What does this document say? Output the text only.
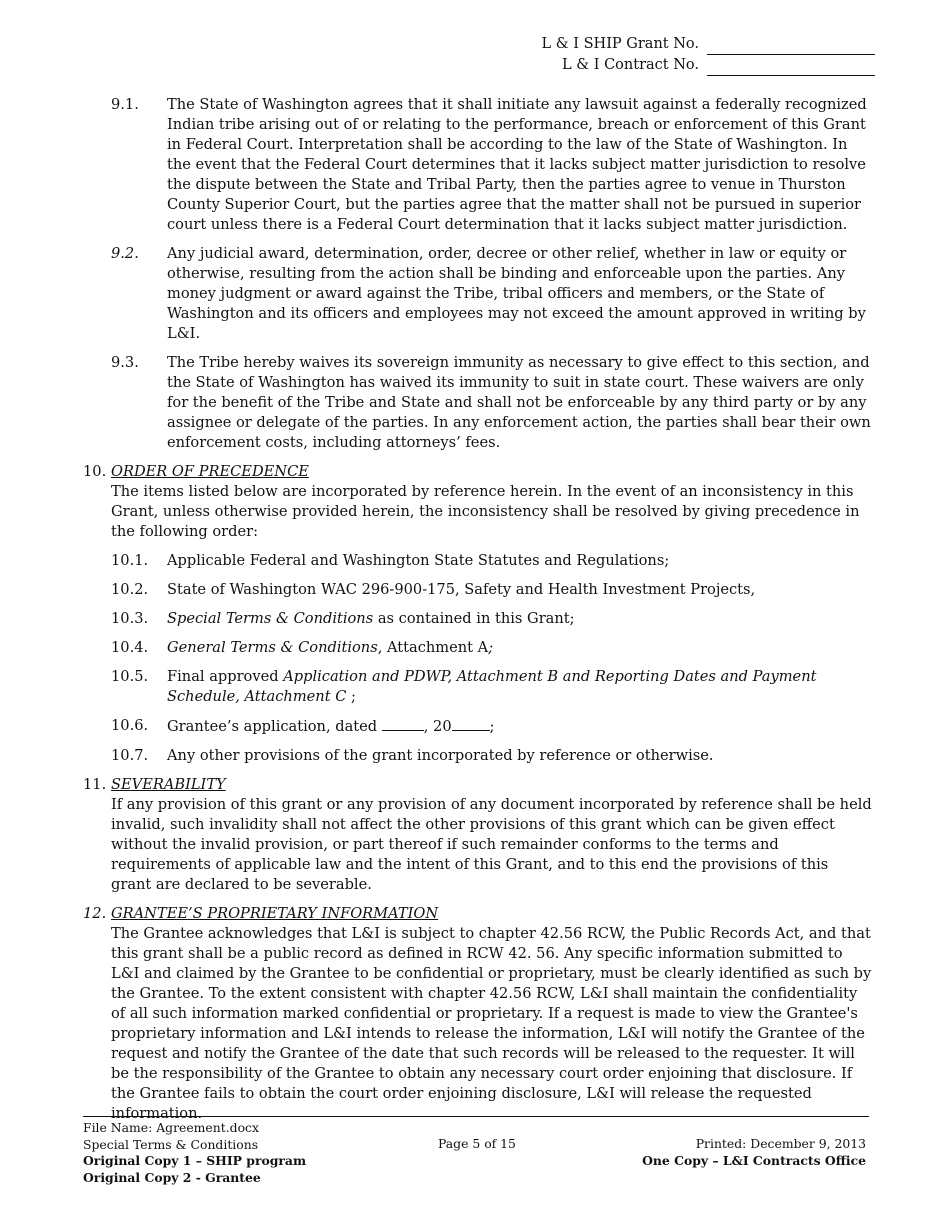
L & I SHIP Grant No.
L & I Contract No.
9.1. The State of Washington agrees that it shall initiate any lawsuit against a federally recognized Indian tribe arising out of or relating to the performance, breach or enforcement of this Grant in Federal Court. Interpretation shall be according to the law of the State of Washington. In the event that the Federal Court determines that it lacks subject matter jurisdiction to resolve the dispute between the State and Tribal Party, then the parties agree to venue in Thurston County Superior Court, but the parties agree that the matter shall not be pursued in superior court unless there is a Federal Court determination that it lacks subject matter jurisdiction.
9.2. Any judicial award, determination, order, decree or other relief, whether in law or equity or otherwise, resulting from the action shall be binding and enforceable upon the parties. Any money judgment or award against the Tribe, tribal officers and members, or the State of Washington and its officers and employees may not exceed the amount approved in writing by L&I.
9.3. The Tribe hereby waives its sovereign immunity as necessary to give effect to this section, and the State of Washington has waived its immunity to suit in state court. These waivers are only for the benefit of the Tribe and State and shall not be enforceable by any third party or by any assignee or delegate of the parties. In any enforcement action, the parties shall bear their own enforcement costs, including attorneys’ fees.
10. ORDER OF PRECEDENCE
The items listed below are incorporated by reference herein. In the event of an inconsistency in this Grant, unless otherwise provided herein, the inconsistency shall be resolved by giving precedence in the following order:
10.1. Applicable Federal and Washington State Statutes and Regulations;
10.2. State of Washington WAC 296-900-175, Safety and Health Investment Projects,
10.3. Special Terms & Conditions as contained in this Grant;
10.4. General Terms & Conditions, Attachment A;
10.5. Final approved Application and PDWP, Attachment B and Reporting Dates and Payment Schedule, Attachment C ;
10.6. Grantee’s application, dated	, 20	;
10.7. Any other provisions of the grant incorporated by reference or otherwise.
11. SEVERABILITY
If any provision of this grant or any provision of any document incorporated by reference shall be held invalid, such invalidity shall not affect the other provisions of this grant which can be given effect without the invalid provision, or part thereof if such remainder conforms to the terms and requirements of applicable law and the intent of this Grant, and to this end the provisions of this grant are declared to be severable.
12. GRANTEE’S PROPRIETARY INFORMATION
The Grantee acknowledges that L&I is subject to chapter 42.56 RCW, the Public Records Act, and that this grant shall be a public record as defined in RCW 42. 56. Any specific information submitted to L&I and claimed by the Grantee to be confidential or proprietary, must be clearly identified as such by the Grantee. To the extent consistent with chapter 42.56 RCW, L&I shall maintain the confidentiality of all such information marked confidential or proprietary. If a request is made to view the Grantee's proprietary information and L&I intends to release the information, L&I will notify the Grantee of the request and notify the Grantee of the date that such records will be released to the requester. It will be the responsibility of the Grantee to obtain any necessary court order enjoining that disclosure. If the Grantee fails to obtain the court order enjoining disclosure, L&I will release the requested information.
File Name: Agreement.docx
Special Terms & Conditions
Original Copy 1 – SHIP program
Original Copy 2 - Grantee
Page 5 of 15	Printed: December 9, 2013
One Copy – L&I Contracts Office
